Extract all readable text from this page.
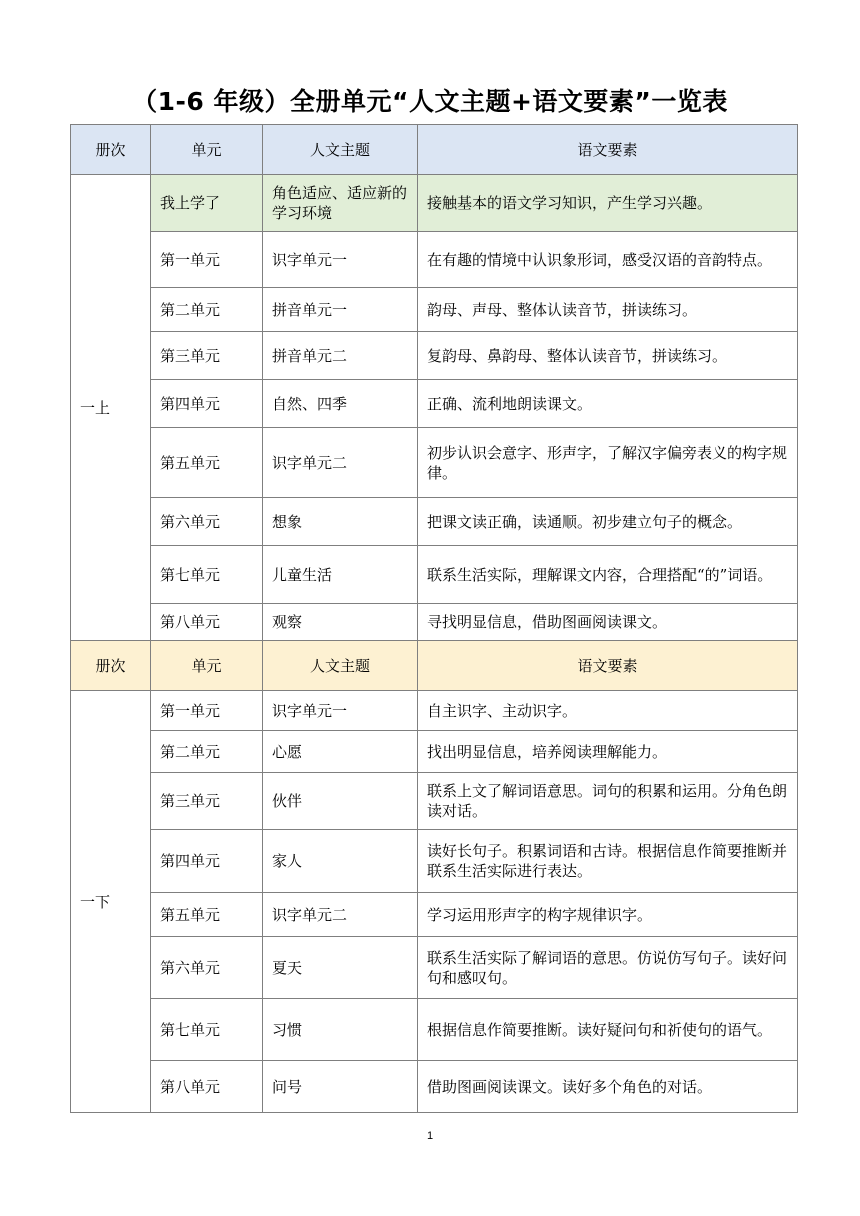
（1-6 年级）全册单元“人文主题+语文要素”一览表
册次	单元	人文主题	语文要素
一上	我上学了	角色适应、适应新的学习环境	接触基本的语文学习知识，产生学习兴趣。
	第一单元	识字单元一	在有趣的情境中认识象形词，感受汉语的音韵特点。
	第二单元	拼音单元一	韵母、声母、整体认读音节，拼读练习。
	第三单元	拼音单元二	复韵母、鼻韵母、整体认读音节，拼读练习。
	第四单元	自然、四季	正确、流利地朗读课文。
	第五单元	识字单元二	初步认识会意字、形声字，了解汉字偏旁表义的构字规律。
	第六单元	想象	把课文读正确，读通顺。初步建立句子的概念。
	第七单元	儿童生活	联系生活实际，理解课文内容，合理搭配“的”词语。
	第八单元	观察	寻找明显信息，借助图画阅读课文。
册次	单元	人文主题	语文要素
一下	第一单元	识字单元一	自主识字、主动识字。
	第二单元	心愿	找出明显信息，培养阅读理解能力。
	第三单元	伙伴	联系上文了解词语意思。词句的积累和运用。分角色朗读对话。
	第四单元	家人	读好长句子。积累词语和古诗。根据信息作简要推断并联系生活实际进行表达。
	第五单元	识字单元二	学习运用形声字的构字规律识字。
	第六单元	夏天	联系生活实际了解词语的意思。仿说仿写句子。读好问句和感叹句。
	第七单元	习惯	根据信息作简要推断。读好疑问句和祈使句的语气。
	第八单元	问号	借助图画阅读课文。读好多个角色的对话。
1
